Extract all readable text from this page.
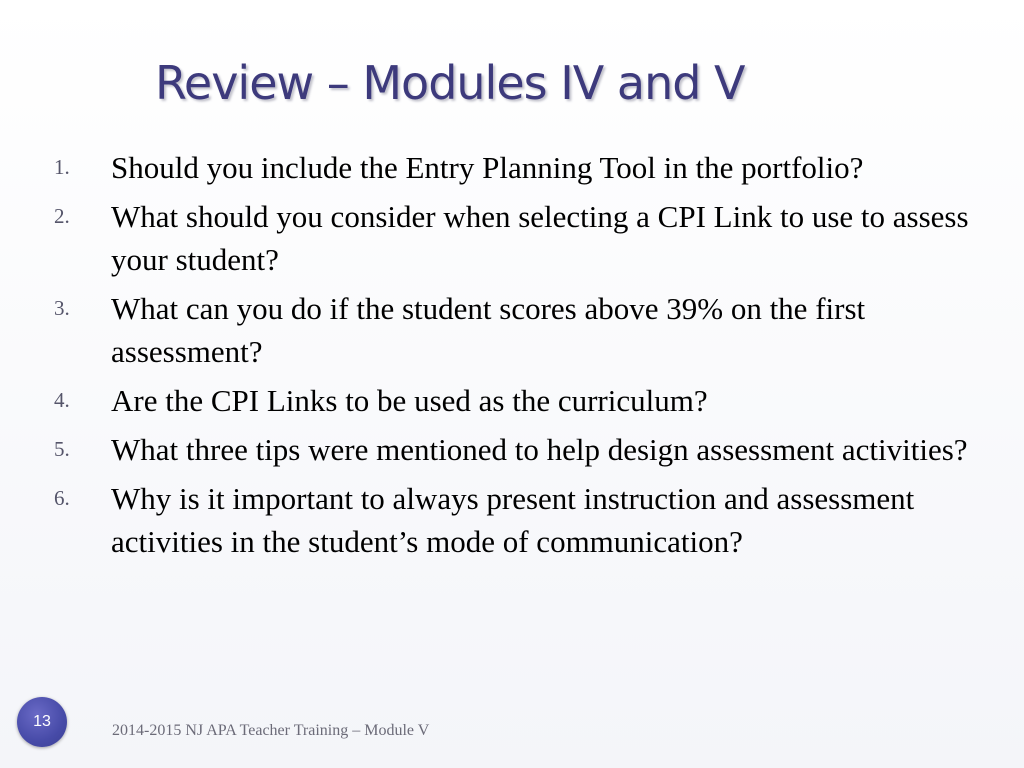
Review – Modules IV and V
1. Should you include the Entry Planning Tool in the portfolio?
2. What should you consider when selecting a CPI Link to use to assess your student?
3. What can you do if the student scores above 39% on the first assessment?
4. Are the CPI Links to be used as the curriculum?
5. What three tips were mentioned to help design assessment activities?
6. Why is it important to always present instruction and assessment activities in the student’s mode of communication?
13
2014-2015 NJ APA Teacher Training – Module V
